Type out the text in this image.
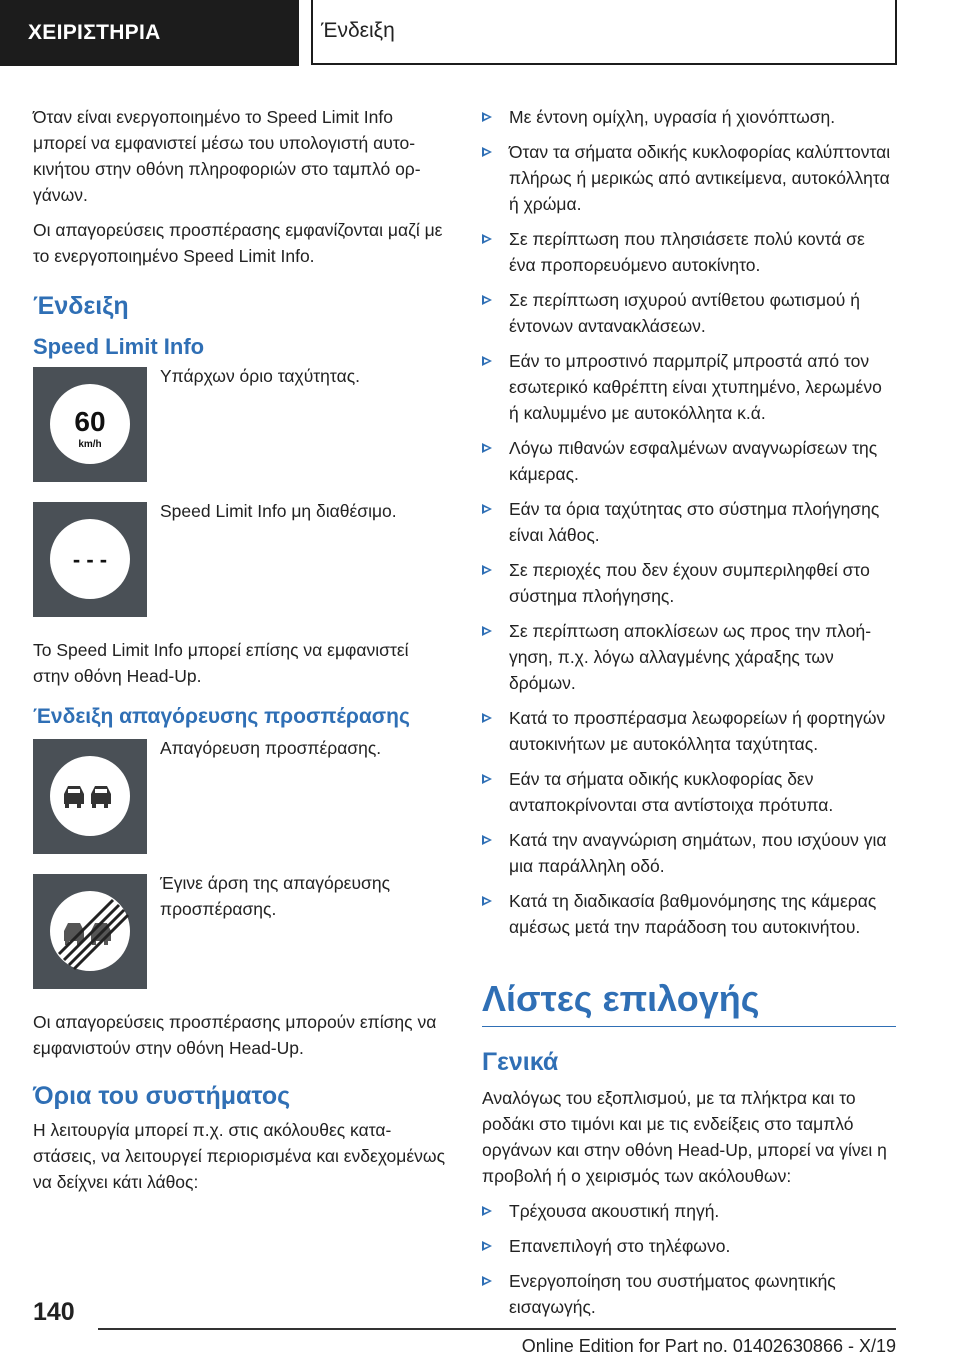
ΧΕΙΡΙΣΤΗΡΙΑ	Ένδειξη

Όταν είναι ενεργοποιημένο το Speed Limit Info μπορεί να εμφανιστεί μέσω του υπολογιστή αυτοκινήτου στην οθόνη πληροφοριών στο ταμπλό οργάνων.

Οι απαγορεύσεις προσπέρασης εμφανίζονται μαζί με το ενεργοποιημένο Speed Limit Info.

Ένδειξη
Speed Limit Info
60
km/h
Υπάρχων όριο ταχύτητας.
- - -
Speed Limit Info μη διαθέσιμο.

Το Speed Limit Info μπορεί επίσης να εμφανιστεί στην οθόνη Head-Up.

Ένδειξη απαγόρευσης προσπέρασης
Απαγόρευση προσπέρασης.
Έγινε άρση της απαγόρευσης προσπέρασης.

Οι απαγορεύσεις προσπέρασης μπορούν επίσης να εμφανιστούν στην οθόνη Head-Up.

Όρια του συστήματος

Η λειτουργία μπορεί π.χ. στις ακόλουθες καταστάσεις, να λειτουργεί περιορισμένα και ενδεχομένως να δείχνει κάτι λάθος:

Με έντονη ομίχλη, υγρασία ή χιονόπτωση.
Όταν τα σήματα οδικής κυκλοφορίας καλύπτονται πλήρως ή μερικώς από αντικείμενα, αυτοκόλλητα ή χρώμα.
Σε περίπτωση που πλησιάσετε πολύ κοντά σε ένα προπορευόμενο αυτοκίνητο.
Σε περίπτωση ισχυρού αντίθετου φωτισμού ή έντονων αντανακλάσεων.
Εάν το μπροστινό παρμπρίζ μπροστά από τον εσωτερικό καθρέπτη είναι χτυπημένο, λερωμένο ή καλυμμένο με αυτοκόλλητα κ.ά.
Λόγω πιθανών εσφαλμένων αναγνωρίσεων της κάμερας.
Εάν τα όρια ταχύτητας στο σύστημα πλοήγησης είναι λάθος.
Σε περιοχές που δεν έχουν συμπεριληφθεί στο σύστημα πλοήγησης.
Σε περίπτωση αποκλίσεων ως προς την πλοήγηση, π.χ. λόγω αλλαγμένης χάραξης των δρόμων.
Κατά το προσπέρασμα λεωφορείων ή φορτηγών αυτοκινήτων με αυτοκόλλητα ταχύτητας.
Εάν τα σήματα οδικής κυκλοφορίας δεν ανταποκρίνονται στα αντίστοιχα πρότυπα.
Κατά την αναγνώριση σημάτων, που ισχύουν για μια παράλληλη οδό.
Κατά τη διαδικασία βαθμονόμησης της κάμερας αμέσως μετά την παράδοση του αυτοκινήτου.
Λίστες επιλογής
Γενικά

Αναλόγως του εξοπλισμού, με τα πλήκτρα και το ροδάκι στο τιμόνι και με τις ενδείξεις στο ταμπλό οργάνων και στην οθόνη Head-Up, μπορεί να γίνει η προβολή ή ο χειρισμός των ακόλουθων:

Τρέχουσα ακουστική πηγή.
Επανεπιλογή στο τηλέφωνο.
Ενεργοποίηση του συστήματος φωνητικής εισαγωγής.
140
Online Edition for Part no. 01402630866 - X/19
